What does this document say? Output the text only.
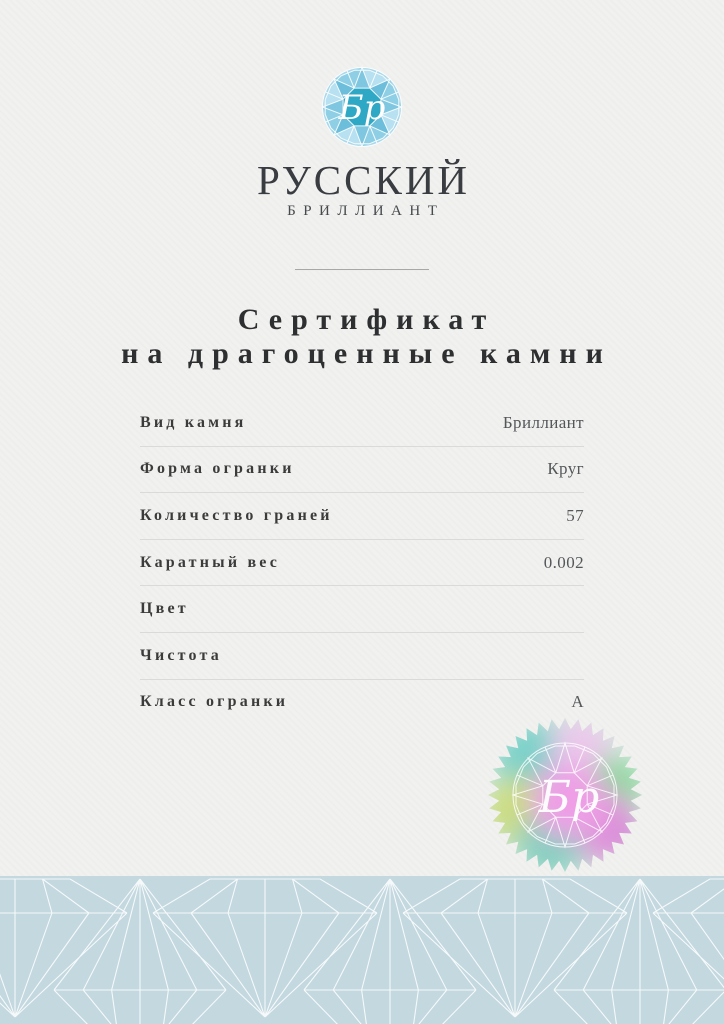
Бр
РУССКИЙ
БРИЛЛИАНТ
Сертификат
на драгоценные камни
Вид камня	Бриллиант
Форма огранки	Круг
Количество граней	57
Каратный вес	0.002
Цвет
Чистота
Класс огранки	А
Бр
